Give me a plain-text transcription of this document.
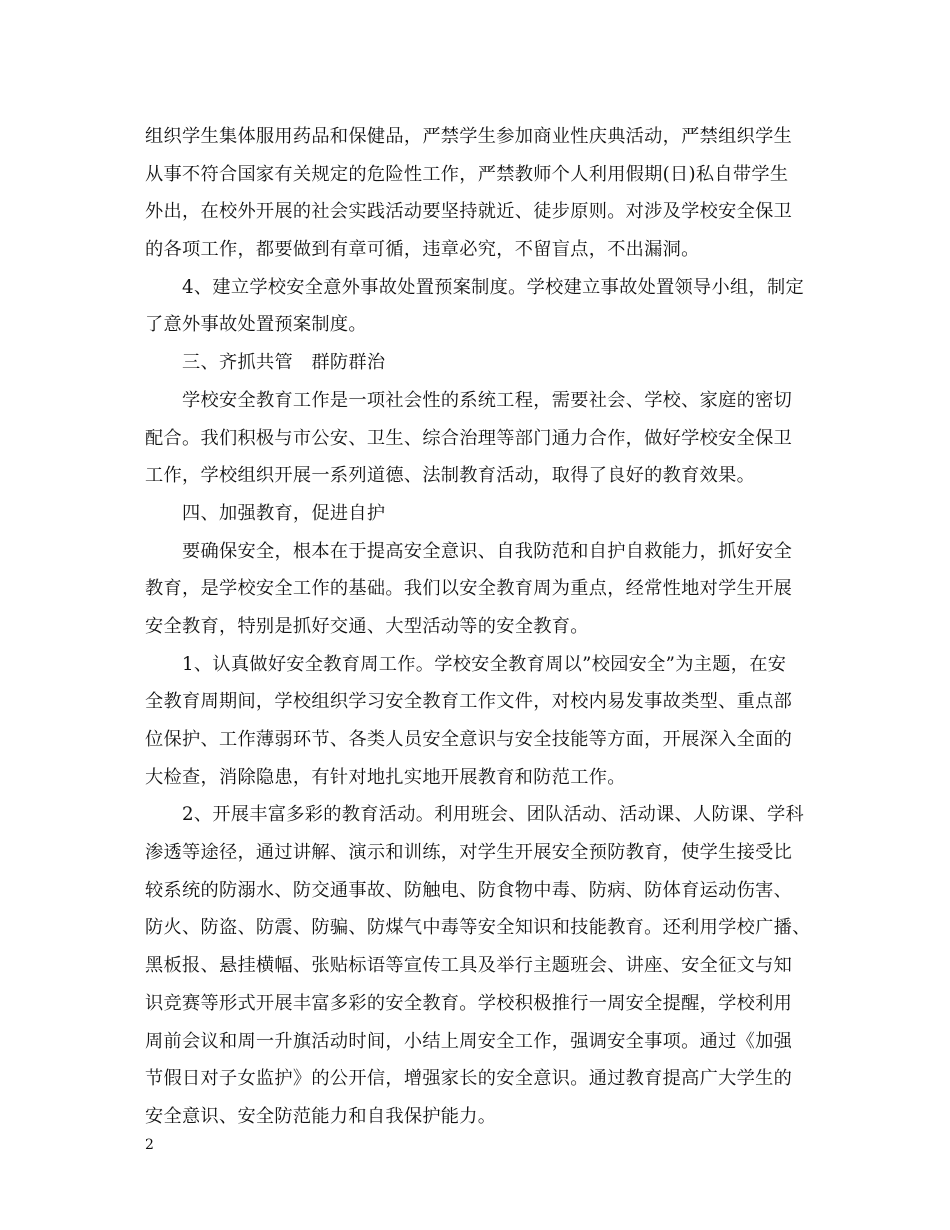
组织学生集体服用药品和保健品，严禁学生参加商业性庆典活动，严禁组织学生
从事不符合国家有关规定的危险性工作，严禁教师个人利用假期(日)私自带学生
外出，在校外开展的社会实践活动要坚持就近、徒步原则。对涉及学校安全保卫
的各项工作，都要做到有章可循，违章必究，不留盲点，不出漏洞。
4、建立学校安全意外事故处置预案制度。学校建立事故处置领导小组，制定
了意外事故处置预案制度。
三、齐抓共管　群防群治
学校安全教育工作是一项社会性的系统工程，需要社会、学校、家庭的密切
配合。我们积极与市公安、卫生、综合治理等部门通力合作，做好学校安全保卫
工作，学校组织开展一系列道德、法制教育活动，取得了良好的教育效果。
四、加强教育，促进自护
要确保安全，根本在于提高安全意识、自我防范和自护自救能力，抓好安全
教育，是学校安全工作的基础。我们以安全教育周为重点，经常性地对学生开展
安全教育，特别是抓好交通、大型活动等的安全教育。
1、认真做好安全教育周工作。学校安全教育周以”校园安全”为主题，在安
全教育周期间，学校组织学习安全教育工作文件，对校内易发事故类型、重点部
位保护、工作薄弱环节、各类人员安全意识与安全技能等方面，开展深入全面的
大检查，消除隐患，有针对地扎实地开展教育和防范工作。
2、开展丰富多彩的教育活动。利用班会、团队活动、活动课、人防课、学科
渗透等途径，通过讲解、演示和训练，对学生开展安全预防教育，使学生接受比
较系统的防溺水、防交通事故、防触电、防食物中毒、防病、防体育运动伤害、
防火、防盗、防震、防骗、防煤气中毒等安全知识和技能教育。还利用学校广播、
黑板报、悬挂横幅、张贴标语等宣传工具及举行主题班会、讲座、安全征文与知
识竞赛等形式开展丰富多彩的安全教育。学校积极推行一周安全提醒，学校利用
周前会议和周一升旗活动时间，小结上周安全工作，强调安全事项。通过《加强
节假日对子女监护》的公开信，增强家长的安全意识。通过教育提高广大学生的
安全意识、安全防范能力和自我保护能力。
2
